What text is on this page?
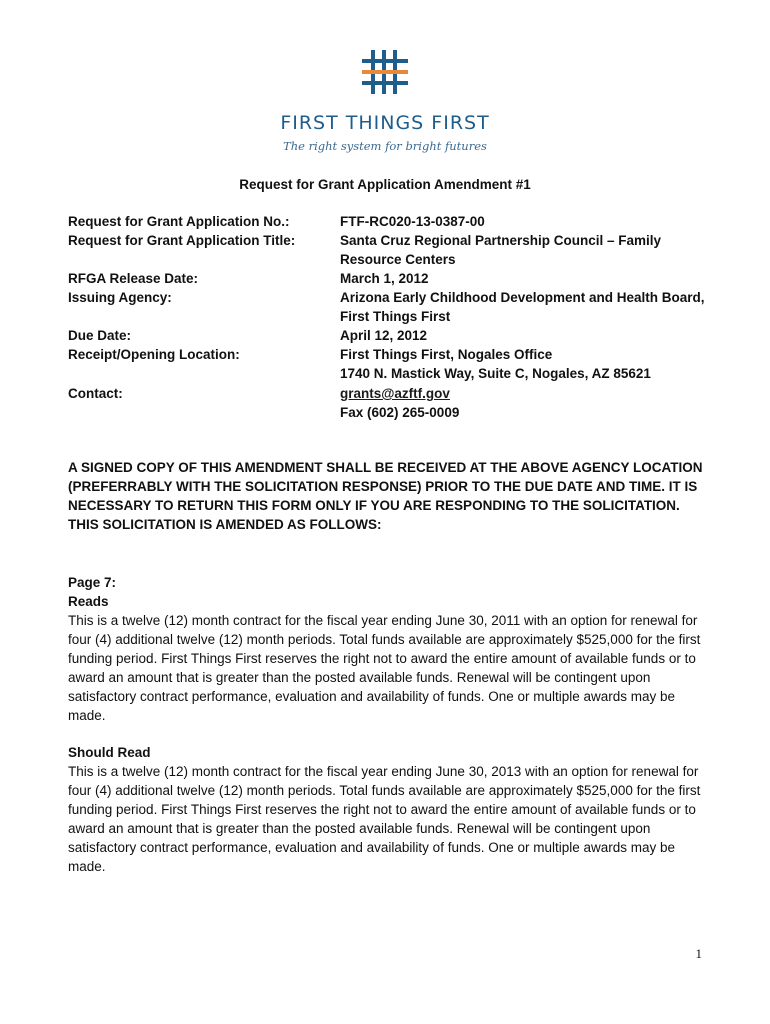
FIRST THINGS FIRST
The right system for bright futures
Request for Grant Application Amendment #1
Request for Grant Application No.:
Request for Grant Application Title:
RFGA Release Date:
Issuing Agency:
Due Date:
Receipt/Opening Location:
Contact:
FTF-RC020-13-0387-00
Santa Cruz Regional Partnership Council – Family
Resource Centers
March 1, 2012
Arizona Early Childhood Development and Health Board,
First Things First
April 12, 2012
First Things First, Nogales Office
1740 N. Mastick Way, Suite C, Nogales, AZ 85621
grants@azftf.gov
Fax (602) 265-0009
A SIGNED COPY OF THIS AMENDMENT SHALL BE RECEIVED AT THE ABOVE AGENCY LOCATION (PREFERRABLY WITH THE SOLICITATION RESPONSE) PRIOR TO THE DUE DATE AND TIME. IT IS NECESSARY TO RETURN THIS FORM ONLY IF YOU ARE RESPONDING TO THE SOLICITATION. THIS SOLICITATION IS AMENDED AS FOLLOWS:
Page 7:
Reads
This is a twelve (12) month contract for the fiscal year ending June 30, 2011 with an option for renewal for four (4) additional twelve (12) month periods. Total funds available are approximately $525,000 for the first funding period. First Things First reserves the right not to award the entire amount of available funds or to award an amount that is greater than the posted available funds. Renewal will be contingent upon satisfactory contract performance, evaluation and availability of funds. One or multiple awards may be made.
Should Read
This is a twelve (12) month contract for the fiscal year ending June 30, 2013 with an option for renewal for four (4) additional twelve (12) month periods. Total funds available are approximately $525,000 for the first funding period. First Things First reserves the right not to award the entire amount of available funds or to award an amount that is greater than the posted available funds. Renewal will be contingent upon satisfactory contract performance, evaluation and availability of funds. One or multiple awards may be made.
1
